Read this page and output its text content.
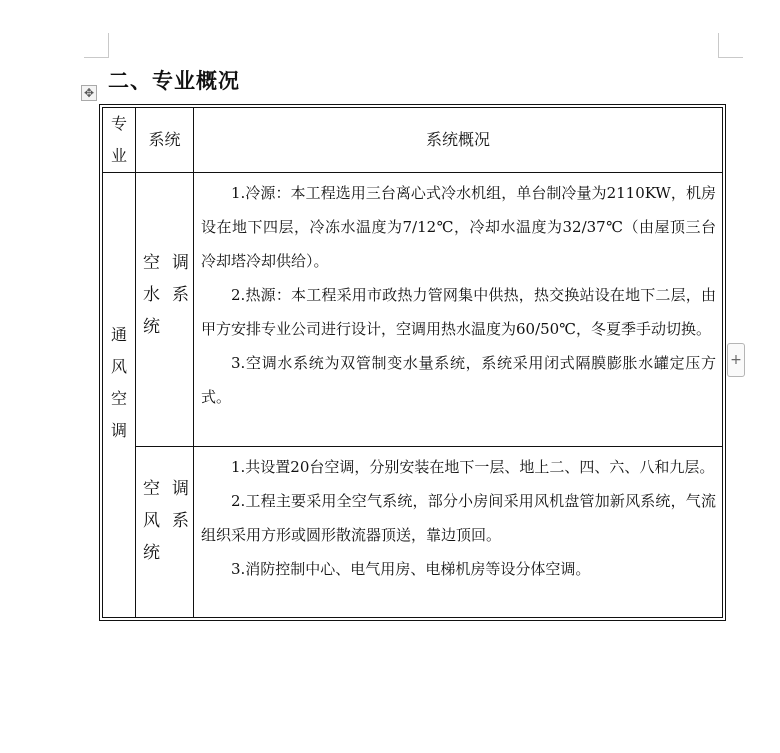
二、专业概况
✥
专业	系统	系统概况

通风空调	空调水系统	1.冷源：本工程选用三台离心式冷水机组，单台制冷量为2110KW，机房设在地下四层，冷冻水温度为7/12℃，冷却水温度为32/37℃（由屋顶三台冷却塔冷却供给）。

2.热源：本工程采用市政热力管网集中供热，热交换站设在地下二层，由甲方安排专业公司进行设计，空调用热水温度为60/50℃，冬夏季手动切换。

3.空调水系统为双管制变水量系统，系统采用闭式隔膜膨胀水罐定压方式。

	空调风系统	1.共设置20台空调，分别安装在地下一层、地上二、四、六、八和九层。

2.工程主要采用全空气系统，部分小房间采用风机盘管加新风系统，气流组织采用方形或圆形散流器顶送，靠边顶回。

3.消防控制中心、电气用房、电梯机房等设分体空调。

+
